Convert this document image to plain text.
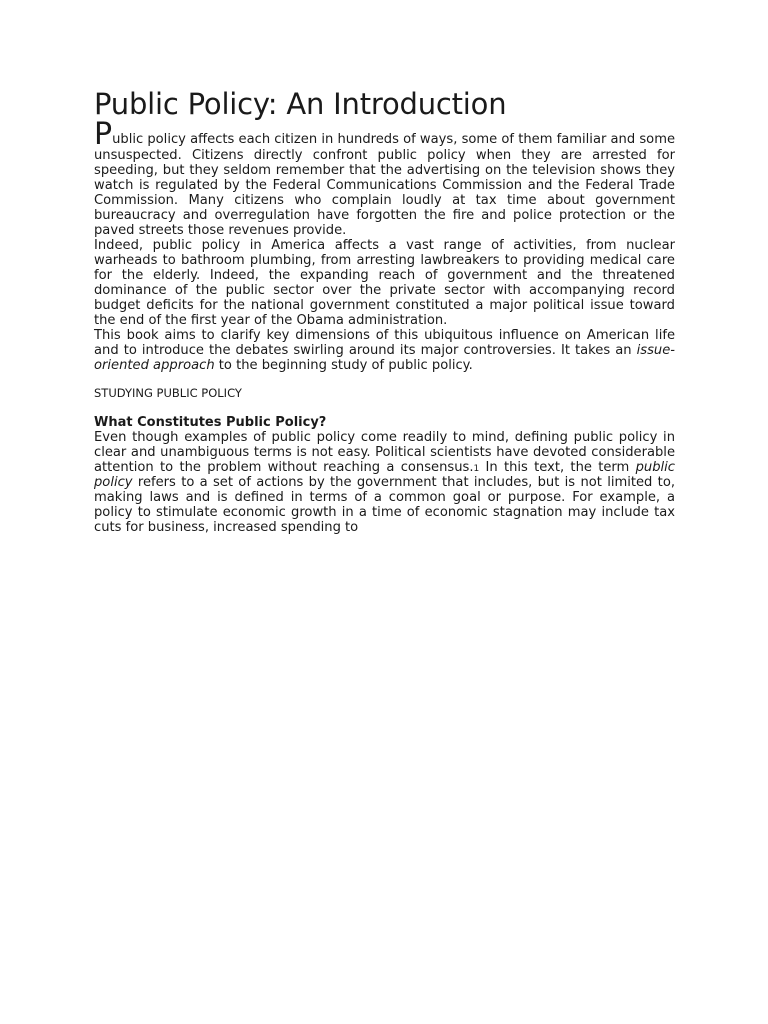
Public Policy: An Introduction

Public policy affects each citizen in hundreds of ways, some of them familiar and some unsuspected. Citizens directly confront public policy when they are arrested for speeding, but they seldom remember that the advertising on the television shows they watch is regulated by the Federal Communications Commission and the Federal Trade Commission. Many citizens who complain loudly at tax time about government bureaucracy and overregulation have forgotten the fire and police protection or the paved streets those revenues provide.

Indeed, public policy in America affects a vast range of activities, from nuclear warheads to bathroom plumbing, from arresting lawbreakers to providing medical care for the elderly. Indeed, the expanding reach of government and the threatened dominance of the public sector over the private sector with accompanying record budget deficits for the national government constituted a major political issue toward the end of the first year of the Obama administration.

This book aims to clarify key dimensions of this ubiquitous influence on American life and to introduce the debates swirling around its major controversies. It takes an issue-oriented approach to the beginning study of public policy.

STUDYING PUBLIC POLICY

What Constitutes Public Policy?

Even though examples of public policy come readily to mind, defining public policy in clear and unambiguous terms is not easy. Political scientists have devoted considerable attention to the problem without reaching a consensus.1 In this text, the term public policy refers to a set of actions by the government that includes, but is not limited to, making laws and is defined in terms of a common goal or purpose. For example, a policy to stimulate economic growth in a time of economic stagnation may include tax cuts for business, increased spending to
